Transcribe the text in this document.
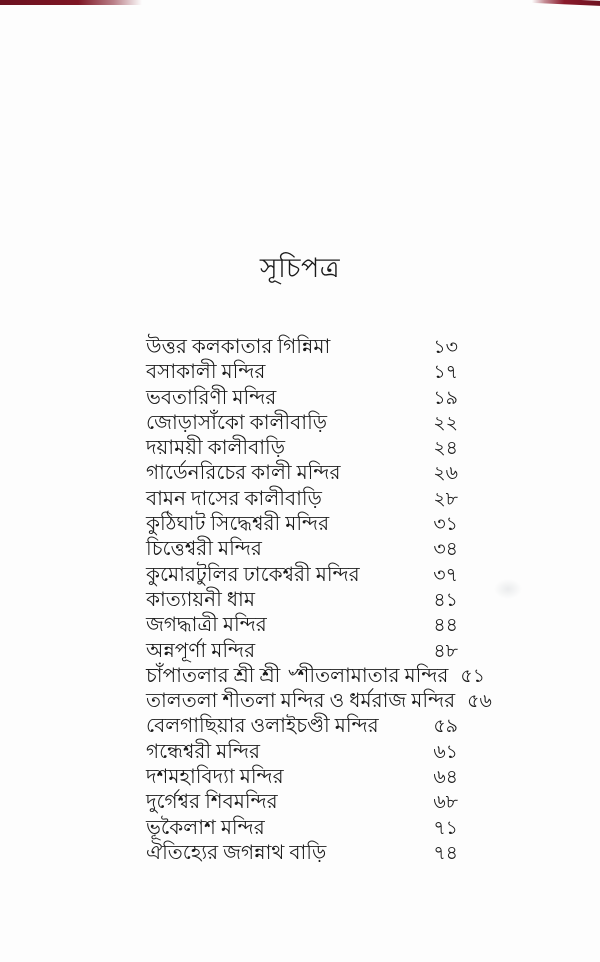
সূচিপত্র
উত্তর কলকাতার গিন্নিমা	১৩
বসাকালী মন্দির	১৭
ভবতারিণী মন্দির	১৯
জোড়াসাঁকো কালীবাড়ি	২২
দয়াময়ী কালীবাড়ি	২৪
গার্ডেনরিচের কালী মন্দির	২৬
বামন দাসের কালীবাড়ি	২৮
কুঠিঘাট সিদ্ধেশ্বরী মন্দির	৩১
চিত্তেশ্বরী মন্দির	৩৪
কুমোরটুলির ঢাকেশ্বরী মন্দির	৩৭
কাত্যায়নী ধাম	৪১
জগদ্ধাত্রী মন্দির	৪৪
অন্নপূর্ণা মন্দির	৪৮
চাঁপাতলার শ্রী শ্রী ৺শীতলামাতার মন্দির ৫১
তালতলা শীতলা মন্দির ও ধর্মরাজ মন্দির ৫৬
বেলগাছিয়ার ওলাইচণ্ডী মন্দির	৫৯
গন্ধেশ্বরী মন্দির	৬১
দশমহাবিদ্যা মন্দির	৬৪
দুর্গেশ্বর শিবমন্দির	৬৮
ভূকৈলাশ মন্দির	৭১
ঐতিহ্যের জগন্নাথ বাড়ি	৭৪
